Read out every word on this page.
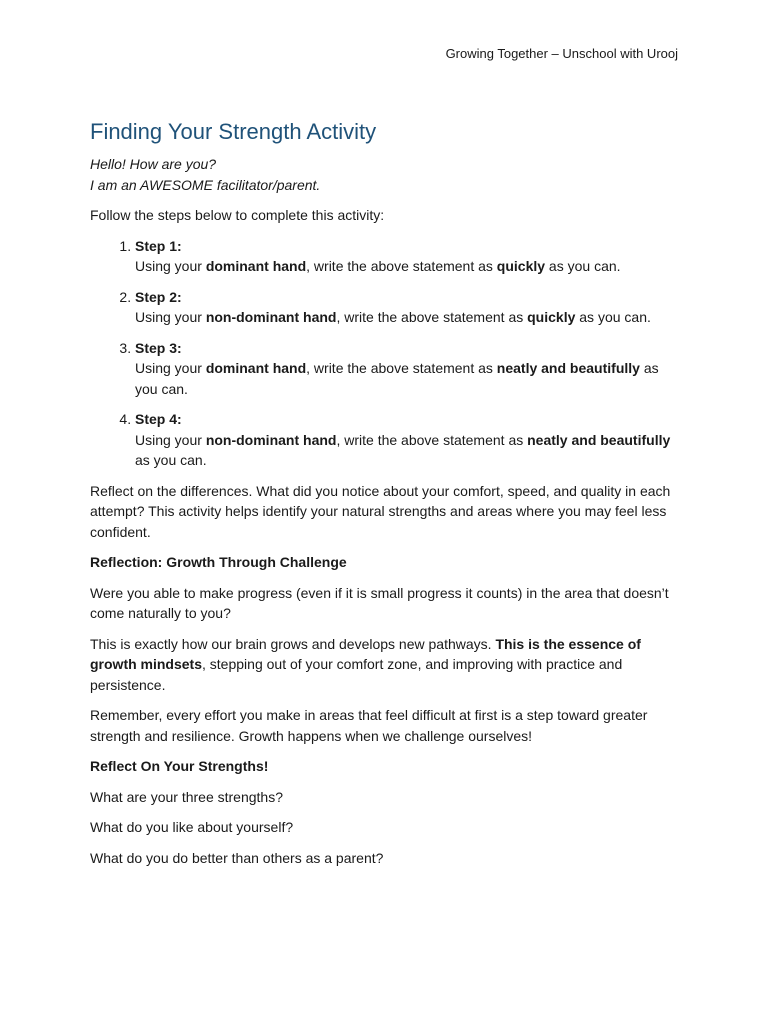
Growing Together – Unschool with Urooj
Finding Your Strength Activity
Hello! How are you?
I am an AWESOME facilitator/parent.

Follow the steps below to complete this activity:

1. Step 1:
Using your dominant hand, write the above statement as quickly as you can.
2. Step 2:
Using your non-dominant hand, write the above statement as quickly as you can.
3. Step 3:
Using your dominant hand, write the above statement as neatly and beautifully as you can.
4. Step 4:
Using your non-dominant hand, write the above statement as neatly and beautifully as you can.

Reflect on the differences. What did you notice about your comfort, speed, and quality in each attempt? This activity helps identify your natural strengths and areas where you may feel less confident.

Reflection: Growth Through Challenge

Were you able to make progress (even if it is small progress it counts) in the area that doesn’t come naturally to you?

This is exactly how our brain grows and develops new pathways. This is the essence of growth mindsets, stepping out of your comfort zone, and improving with practice and persistence.

Remember, every effort you make in areas that feel difficult at first is a step toward greater strength and resilience. Growth happens when we challenge ourselves!

Reflect On Your Strengths!

What are your three strengths?

What do you like about yourself?

What do you do better than others as a parent?
